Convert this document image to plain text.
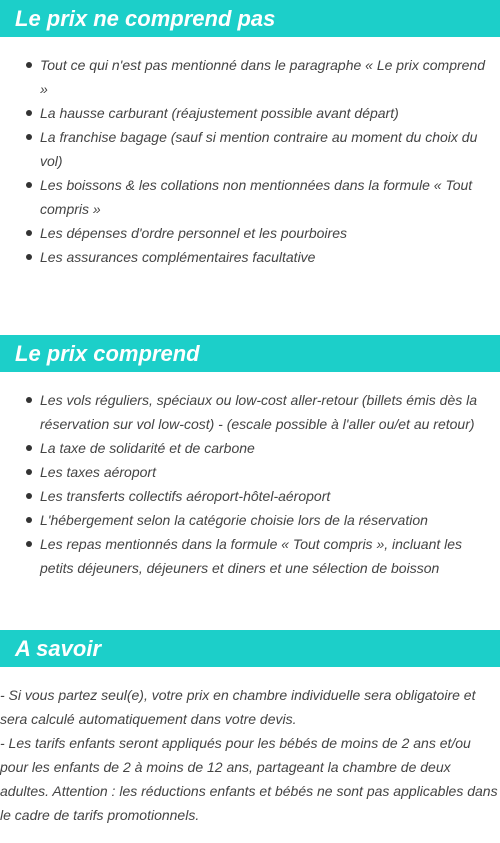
Le prix ne comprend pas
Tout ce qui n'est pas mentionné dans le paragraphe « Le prix comprend »
La hausse carburant (réajustement possible avant départ)
La franchise bagage (sauf si mention contraire au moment du choix du vol)
Les boissons & les collations non mentionnées dans la formule « Tout compris »
Les dépenses d'ordre personnel et les pourboires
Les assurances complémentaires facultative
Le prix comprend
Les vols réguliers, spéciaux ou low-cost aller-retour (billets émis dès la réservation sur vol low-cost) - (escale possible à l'aller ou/et au retour)
La taxe de solidarité et de carbone
Les taxes aéroport
Les transferts collectifs aéroport-hôtel-aéroport
L'hébergement selon la catégorie choisie lors de la réservation
Les repas mentionnés dans la formule « Tout compris », incluant les petits déjeuners, déjeuners et diners et une sélection de boisson
A savoir

- Si vous partez seul(e), votre prix en chambre individuelle sera obligatoire et sera calculé automatiquement dans votre devis.

- Les tarifs enfants seront appliqués pour les bébés de moins de 2 ans et/ou pour les enfants de 2 à moins de 12 ans, partageant la chambre de deux adultes. Attention : les réductions enfants et bébés ne sont pas applicables dans le cadre de tarifs promotionnels.
